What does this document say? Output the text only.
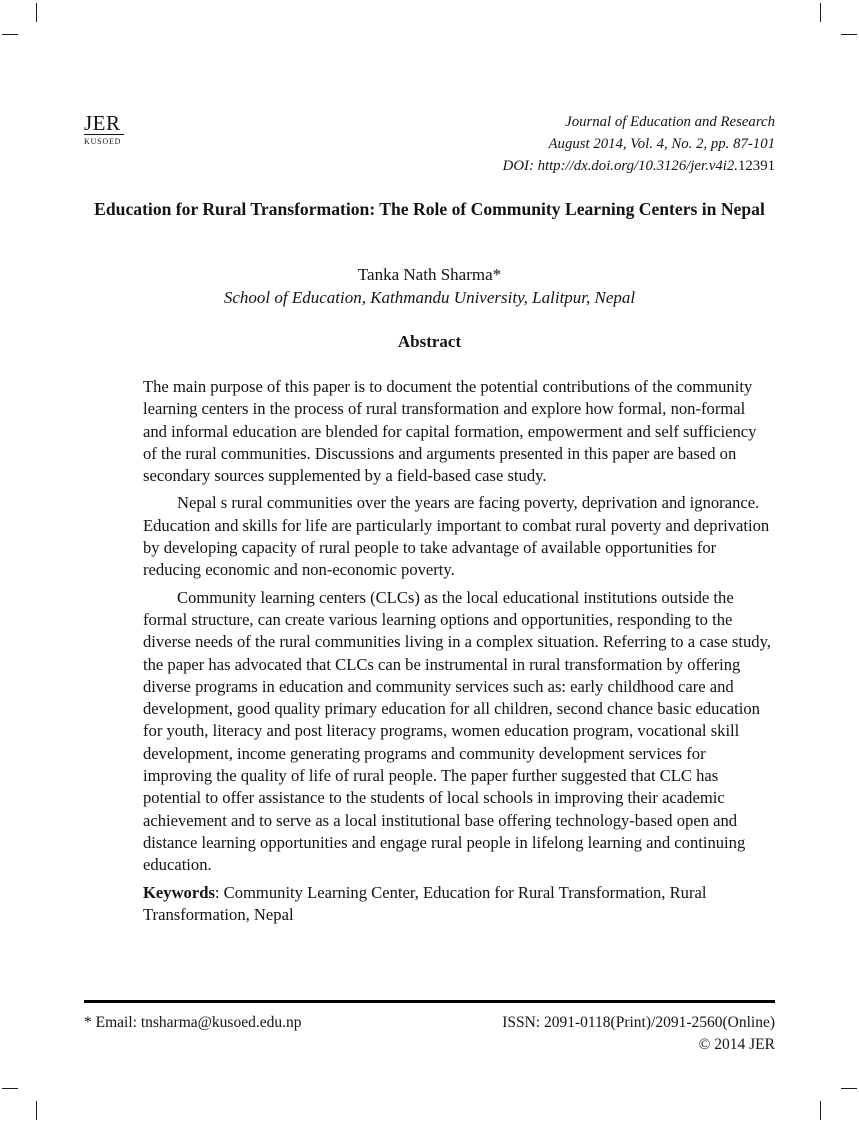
JER
KUSOED
Journal of Education and Research
August 2014, Vol. 4, No. 2, pp. 87-101
DOI: http://dx.doi.org/10.3126/jer.v4i2.12391
Education for Rural Transformation: The Role of Community Learning Centers in Nepal
Tanka Nath Sharma*
School of Education, Kathmandu University, Lalitpur, Nepal
Abstract

The main purpose of this paper is to document the potential contributions of the community learning centers in the process of rural transformation and explore how formal, non-formal and informal education are blended for capital formation, empowerment and self sufficiency of the rural communities. Discussions and arguments presented in this paper are based on secondary sources supplemented by a field-based case study.

Nepal s rural communities over the years are facing poverty, deprivation and ignorance. Education and skills for life are particularly important to combat rural poverty and deprivation by developing capacity of rural people to take advantage of available opportunities for reducing economic and non-economic poverty.

Community learning centers (CLCs) as the local educational institutions outside the formal structure, can create various learning options and opportunities, responding to the diverse needs of the rural communities living in a complex situation. Referring to a case study, the paper has advocated that CLCs can be instrumental in rural transformation by offering diverse programs in education and community services such as: early childhood care and development, good quality primary education for all children, second chance basic education for youth, literacy and post literacy programs, women education program, vocational skill development, income generating programs and community development services for improving the quality of life of rural people. The paper further suggested that CLC has potential to offer assistance to the students of local schools in improving their academic achievement and to serve as a local institutional base offering technology-based open and distance learning opportunities and engage rural people in lifelong learning and continuing education.

Keywords: Community Learning Center, Education for Rural Transformation, Rural Transformation, Nepal

* Email: tnsharma@kusoed.edu.np	ISSN: 2091-0118(Print)/2091-2560(Online)
© 2014 JER
